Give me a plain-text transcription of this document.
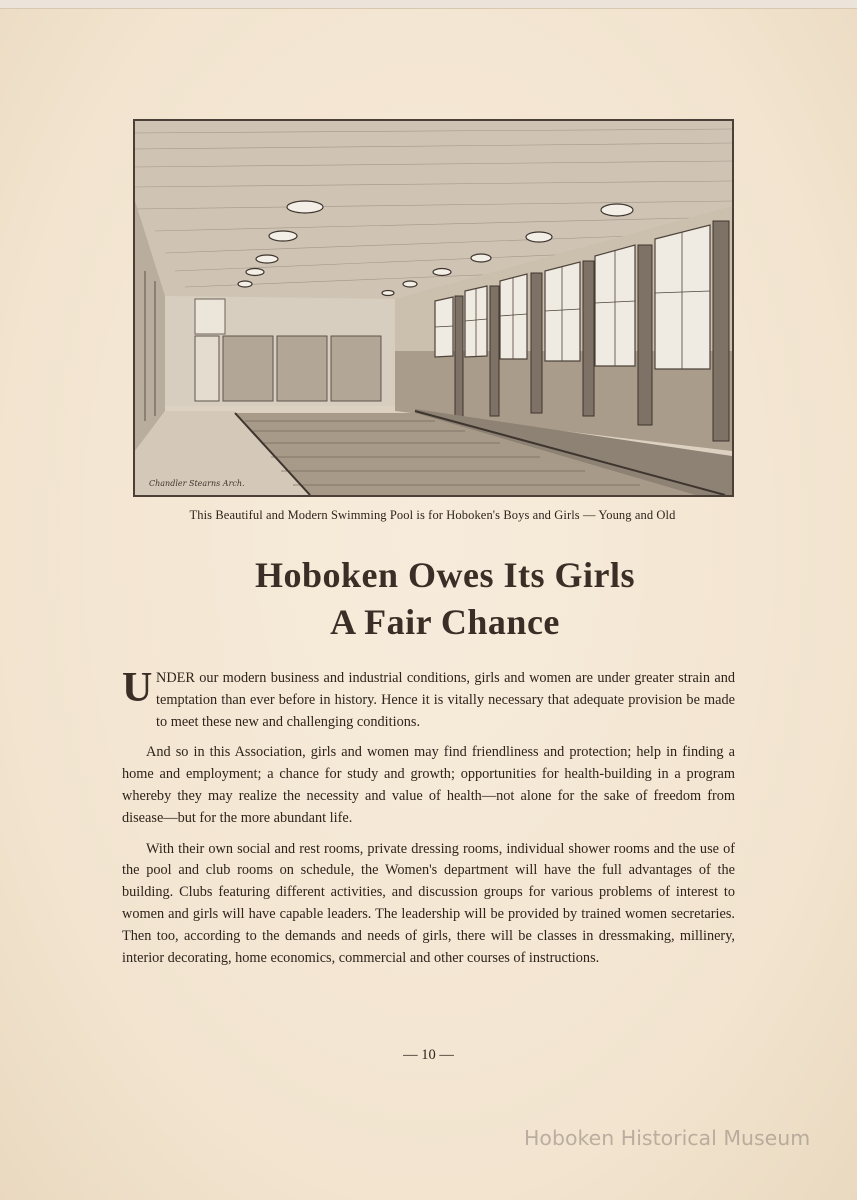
Chandler Stearns Arch.
This Beautiful and Modern Swimming Pool is for Hoboken's Boys and Girls — Young and Old
Hoboken Owes Its Girls
A Fair Chance

U NDER our modern business and industrial conditions, girls and women are under greater strain and temptation than ever before in history. Hence it is vitally necessary that adequate provision be made to meet these new and challenging conditions.

And so in this Association, girls and women may find friendliness and protection; help in finding a home and employment; a chance for study and growth; opportunities for health-building in a program whereby they may realize the necessity and value of health—not alone for the sake of freedom from disease—but for the more abundant life.

With their own social and rest rooms, private dressing rooms, individual shower rooms and the use of the pool and club rooms on schedule, the Women's department will have the full advantages of the building. Clubs featuring different activities, and discussion groups for various problems of interest to women and girls will have capable leaders. The leadership will be provided by trained women secretaries. Then too, according to the demands and needs of girls, there will be classes in dressmaking, millinery, interior decorating, home economics, commercial and other courses of instructions.

— 10 —
Hoboken Historical Museum
